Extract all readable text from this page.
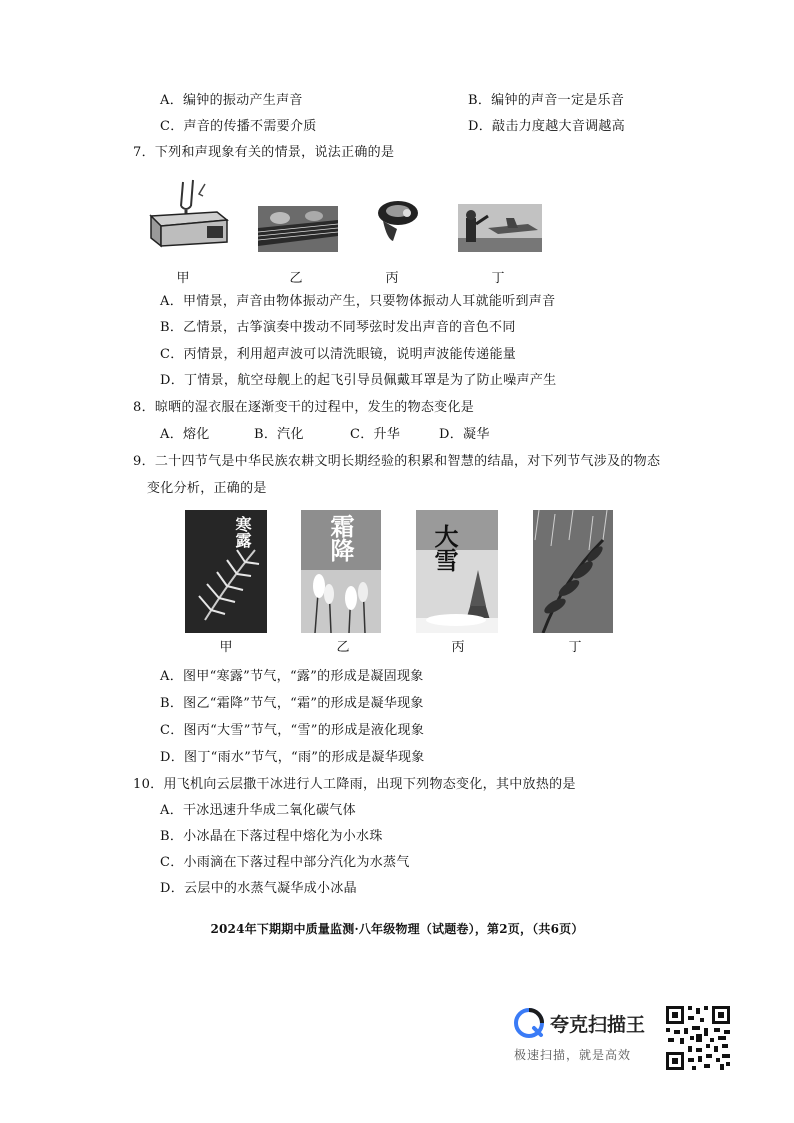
A．编钟的振动产生声音	B．编钟的声音一定是乐音
C．声音的传播不需要介质	D．敲击力度越大音调越高
7．下列和声现象有关的情景，说法正确的是
甲	乙	丙	丁
A．甲情景，声音由物体振动产生，只要物体振动人耳就能听到声音
B．乙情景，古筝演奏中拨动不同琴弦时发出声音的音色不同
C．丙情景，利用超声波可以清洗眼镜，说明声波能传递能量
D．丁情景，航空母舰上的起飞引导员佩戴耳罩是为了防止噪声产生
8．晾晒的湿衣服在逐渐变干的过程中，发生的物态变化是
A．熔化	B．汽化	C．升华	D．凝华
9．二十四节气是中华民族农耕文明长期经验的积累和智慧的结晶，对下列节气涉及的物态
变化分析，正确的是
寒露
甲
霜降
乙
大雪
丙	丁
A．图甲“寒露”节气，“露”的形成是凝固现象
B．图乙“霜降”节气，“霜”的形成是凝华现象
C．图丙“大雪”节气，“雪”的形成是液化现象
D．图丁“雨水”节气，“雨”的形成是凝华现象
10．用飞机向云层撒干冰进行人工降雨，出现下列物态变化，其中放热的是
A．干冰迅速升华成二氧化碳气体
B．小冰晶在下落过程中熔化为小水珠
C．小雨滴在下落过程中部分汽化为水蒸气
D．云层中的水蒸气凝华成小冰晶
2024年下期期中质量监测·八年级物理（试题卷），第2页，（共6页）
夸克扫描王
极速扫描，就是高效
